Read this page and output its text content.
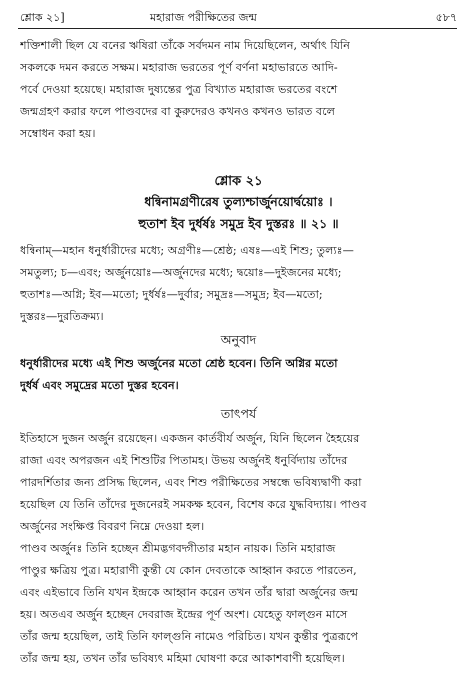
শ্লোক ২১]	মহারাজ পরীক্ষিতের জন্ম	৫৮৭
শক্তিশালী ছিল যে বনের ঋষিরা তাঁকে সর্বদমন নাম দিয়েছিলেন, অর্থাৎ যিনি
সকলকে দমন করতে সক্ষম। মহারাজ ভরতের পূর্ণ বর্ণনা মহাভারতে আদি-
পর্বে দেওয়া হয়েছে। মহারাজ দুষ্যন্তের পুত্র বিখ্যাত মহারাজ ভরতের বংশে
জন্মগ্রহণ করার ফলে পাণ্ডবদের বা কুরুদেরও কখনও কখনও ভারত বলে
সম্বোধন করা হয়।
শ্লোক ২১
ধন্বিনামগ্রণীরেষ তুল্যশ্চার্জুনয়োর্দ্বয়োঃ ।
হুতাশ ইব দুর্ধর্ষঃ সমুদ্র ইব দুস্তরঃ ॥ ২১ ॥
ধন্বিনাম্—মহান ধনুর্ধারীদের মধ্যে; অগ্রণীঃ—শ্রেষ্ঠ; এষঃ—এই শিশু; তুল্যঃ—
সমতুল্য; চ—এবং; অর্জুনয়োঃ—অর্জুনদের মধ্যে; দ্বয়োঃ—দুইজনের মধ্যে;
হুতাশঃ—অগ্নি; ইব—মতো; দুর্ধর্ষঃ—দুর্বার; সমুদ্রঃ—সমুদ্র; ইব—মতো;
দুস্তরঃ—দুরতিক্রম্য।
অনুবাদ
ধনুর্ধারীদের মধ্যে এই শিশু অর্জুনের মতো শ্রেষ্ঠ হবেন। তিনি অগ্নির মতো
দুর্ধর্ষ এবং সমুদ্রের মতো দুস্তর হবেন।
তাৎপর্য
ইতিহাসে দুজন অর্জুন রয়েছেন। একজন কার্তবীর্য অর্জুন, যিনি ছিলেন হৈহয়ের
রাজা এবং অপরজন এই শিশুটির পিতামহ। উভয় অর্জুনই ধনুর্বিদ্যায় তাঁদের
পারদর্শিতার জন্য প্রসিদ্ধ ছিলেন, এবং শিশু পরীক্ষিতের সম্বন্ধে ভবিষ্যদ্বাণী করা
হয়েছিল যে তিনি তাঁদের দুজনেরই সমকক্ষ হবেন, বিশেষ করে যুদ্ধবিদ্যায়। পাণ্ডব
অর্জুনের সংক্ষিপ্ত বিবরণ নিম্নে দেওয়া হল।
পাণ্ডব অর্জুনঃ তিনি হচ্ছেন শ্রীমদ্ভগবদ্গীতার মহান নায়ক। তিনি মহারাজ
পাণ্ডুর ক্ষত্রিয় পুত্র। মহারাণী কুন্তী যে কোন দেবতাকে আহ্বান করতে পারতেন,
এবং এইভাবে তিনি যখন ইন্দ্রকে আহ্বান করেন তখন তাঁর দ্বারা অর্জুনের জন্ম
হয়। অতএব অর্জুন হচ্ছেন দেবরাজ ইন্দ্রের পূর্ণ অংশ। যেহেতু ফাল্গুন মাসে
তাঁর জন্ম হয়েছিল, তাই তিনি ফাল্গুনি নামেও পরিচিত। যখন কুন্তীর পুত্ররূপে
তাঁর জন্ম হয়, তখন তাঁর ভবিষ্যৎ মহিমা ঘোষণা করে আকাশবাণী হয়েছিল।
